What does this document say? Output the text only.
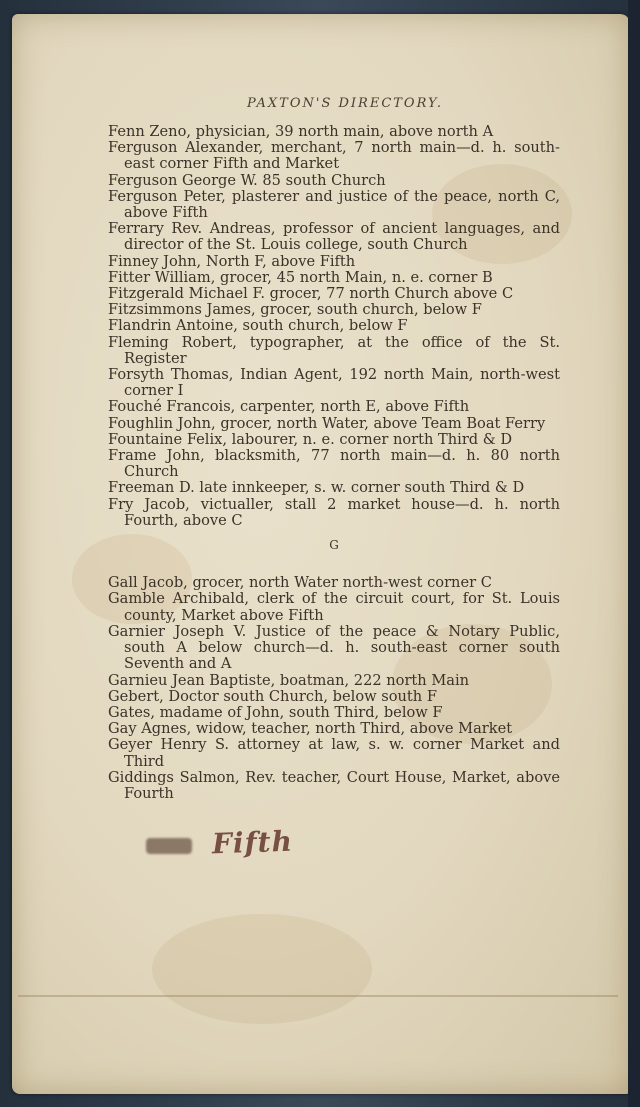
PAXTON'S DIRECTORY.

Fenn Zeno, physician, 39 north main, above north A

Ferguson Alexander, merchant, 7 north main—d. h. south-east corner Fifth and Market

Ferguson George W. 85 south Church

Ferguson Peter, plasterer and justice of the peace, north C, above Fifth

Ferrary Rev. Andreas, professor of ancient languages, and director of the St. Louis college, south Church

Finney John, North F, above Fifth

Fitter William, grocer, 45 north Main, n. e. corner B

Fitzgerald Michael F. grocer, 77 north Church above C

Fitzsimmons James, grocer, south church, below F

Flandrin Antoine, south church, below F

Fleming Robert, typographer, at the office of the St. Register

Forsyth Thomas, Indian Agent, 192 north Main, north-west corner I

Fouché Francois, carpenter, north E, above Fifth

Foughlin John, grocer, north Water, above Team Boat Ferry

Fountaine Felix, labourer, n. e. corner north Third & D

Frame John, blacksmith, 77 north main—d. h. 80 north Church

Freeman D. late innkeeper, s. w. corner south Third & D

Fry Jacob, victualler, stall 2 market house—d. h. north Fourth, above C

G

Gall Jacob, grocer, north Water north-west corner C

Gamble Archibald, clerk of the circuit court, for St. Louis county, Market above Fifth

Garnier Joseph V. Justice of the peace & Notary Public, south A below church—d. h. south-east corner south Seventh and A

Garnieu Jean Baptiste, boatman, 222 north Main

Gebert, Doctor south Church, below south F

Gates, madame of John, south Third, below F

Gay Agnes, widow, teacher, north Third, above Market

Geyer Henry S. attorney at law, s. w. corner Market and Third

Giddings Salmon, Rev. teacher, Court House, Market, above Fourth

Fifth
